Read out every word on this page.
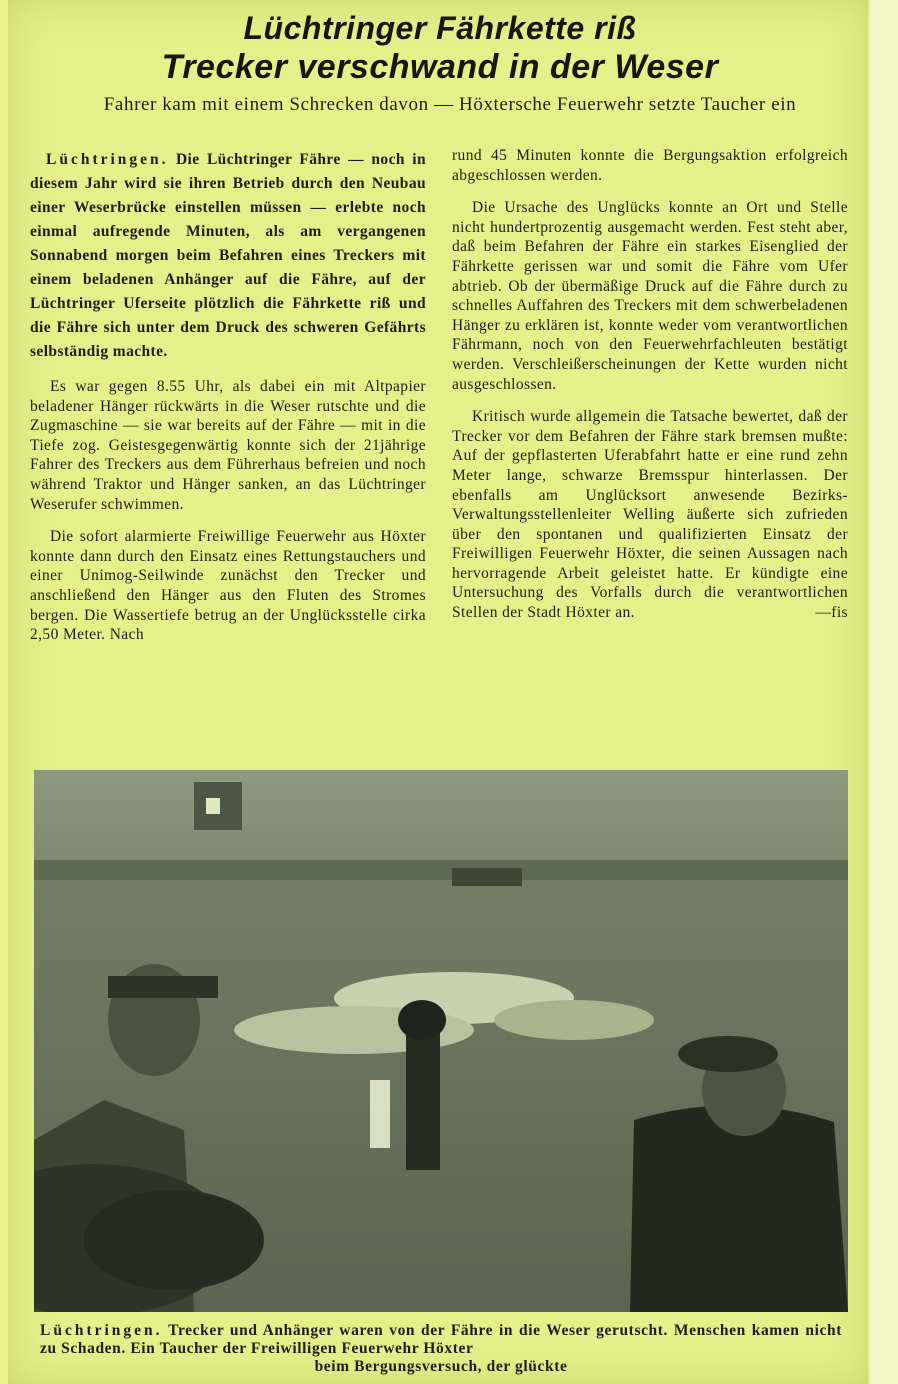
Lüchtringer Fährkette riß
Trecker verschwand in der Weser
Fahrer kam mit einem Schrecken davon — Höxtersche Feuerwehr setzte Taucher ein

Lüchtringen. Die Lüchtringer Fähre — noch in diesem Jahr wird sie ihren Betrieb durch den Neubau einer Weserbrücke einstellen müssen — erlebte noch einmal aufregende Minuten, als am vergangenen Sonnabend morgen beim Befahren eines Treckers mit einem beladenen Anhänger auf die Fähre, auf der Lüchtringer Uferseite plötzlich die Fährkette riß und die Fähre sich unter dem Druck des schweren Gefährts selbständig machte.

Es war gegen 8.55 Uhr, als dabei ein mit Altpapier beladener Hänger rückwärts in die Weser rutschte und die Zugmaschine — sie war bereits auf der Fähre — mit in die Tiefe zog. Geistesgegenwärtig konnte sich der 21jährige Fahrer des Treckers aus dem Führerhaus befreien und noch während Traktor und Hänger sanken, an das Lüchtringer Weserufer schwimmen.

Die sofort alarmierte Freiwillige Feuerwehr aus Höxter konnte dann durch den Einsatz eines Rettungstauchers und einer Unimog-Seilwinde zunächst den Trecker und anschließend den Hänger aus den Fluten des Stromes bergen. Die Wassertiefe betrug an der Unglücksstelle cirka 2,50 Meter. Nach

rund 45 Minuten konnte die Bergungsaktion erfolgreich abgeschlossen werden.

Die Ursache des Unglücks konnte an Ort und Stelle nicht hundertprozentig ausgemacht werden. Fest steht aber, daß beim Befahren der Fähre ein starkes Eisenglied der Fährkette gerissen war und somit die Fähre vom Ufer abtrieb. Ob der übermäßige Druck auf die Fähre durch zu schnelles Auffahren des Treckers mit dem schwerbeladenen Hänger zu erklären ist, konnte weder vom verantwortlichen Fährmann, noch von den Feuerwehrfachleuten bestätigt werden. Verschleißerscheinungen der Kette wurden nicht ausgeschlossen.

Kritisch wurde allgemein die Tatsache bewertet, daß der Trecker vor dem Befahren der Fähre stark bremsen mußte: Auf der gepflasterten Uferabfahrt hatte er eine rund zehn Meter lange, schwarze Bremsspur hinterlassen. Der ebenfalls am Unglücksort anwesende Bezirks-Verwaltungsstellenleiter Welling äußerte sich zufrieden über den spontanen und qualifizierten Einsatz der Freiwilligen Feuerwehr Höxter, die seinen Aussagen nach hervorragende Arbeit geleistet hatte. Er kündigte eine Untersuchung des Vorfalls durch die verantwortlichen Stellen der Stadt Höxter an.	—fis

Lüchtringen. Trecker und Anhänger waren von der Fähre in die Weser gerutscht. Menschen kamen nicht zu Schaden. Ein Taucher der Freiwilligen Feuerwehr Höxter
beim Bergungsversuch, der glückte
